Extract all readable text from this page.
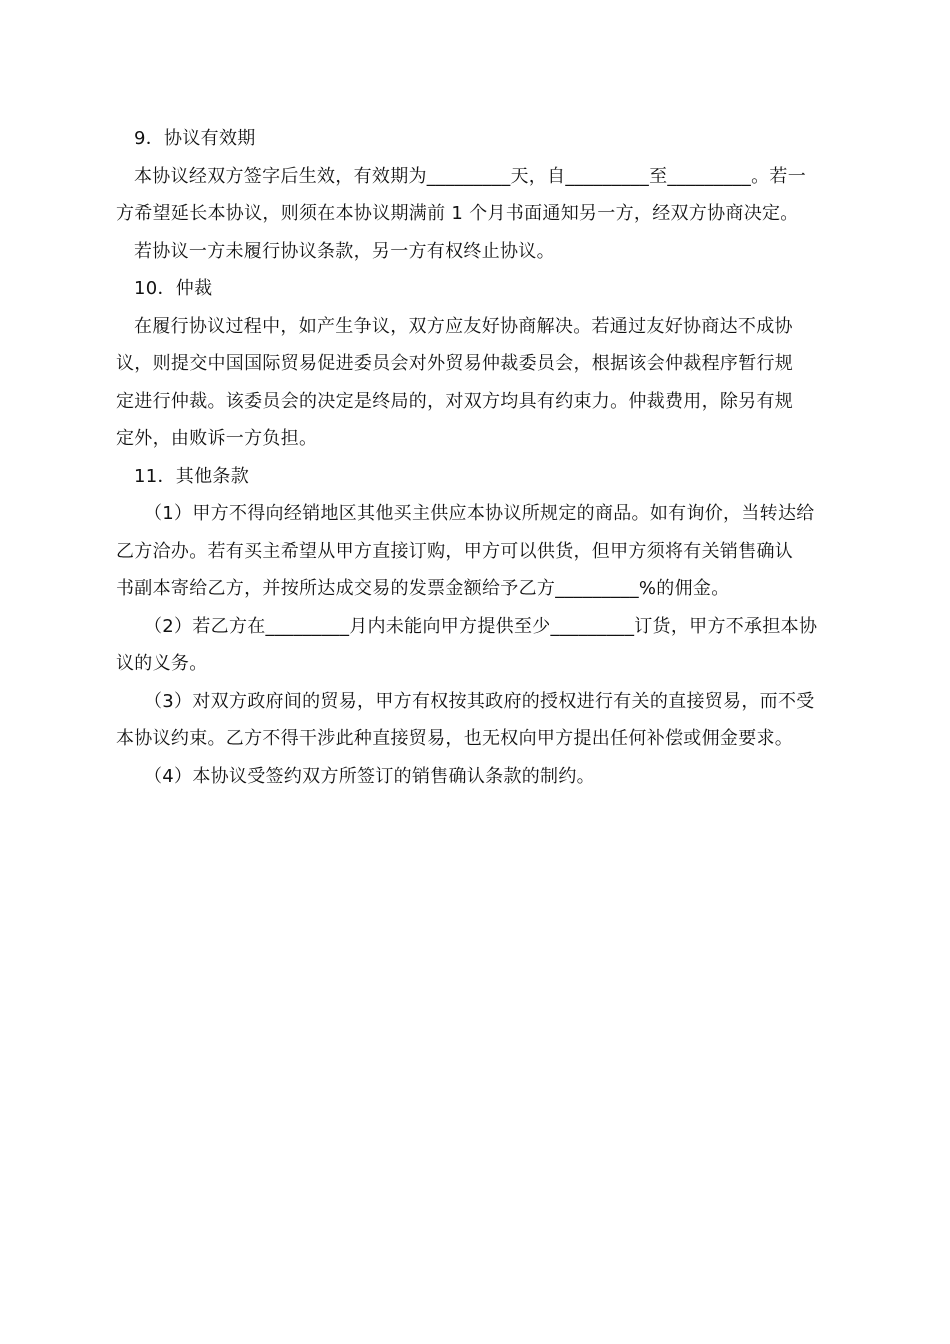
9．协议有效期
本协议经双方签字后生效，有效期为_________天，自_________至_________。若一
方希望延长本协议，则须在本协议期满前 1 个月书面通知另一方，经双方协商决定。
若协议一方未履行协议条款，另一方有权终止协议。
10．仲裁
在履行协议过程中，如产生争议，双方应友好协商解决。若通过友好协商达不成协
议，则提交中国国际贸易促进委员会对外贸易仲裁委员会，根据该会仲裁程序暂行规
定进行仲裁。该委员会的决定是终局的，对双方均具有约束力。仲裁费用，除另有规
定外，由败诉一方负担。
11．其他条款
（1）甲方不得向经销地区其他买主供应本协议所规定的商品。如有询价，当转达给
乙方洽办。若有买主希望从甲方直接订购，甲方可以供货，但甲方须将有关销售确认
书副本寄给乙方，并按所达成交易的发票金额给予乙方_________%的佣金。
（2）若乙方在_________月内未能向甲方提供至少_________订货，甲方不承担本协
议的义务。
（3）对双方政府间的贸易，甲方有权按其政府的授权进行有关的直接贸易，而不受
本协议约束。乙方不得干涉此种直接贸易，也无权向甲方提出任何补偿或佣金要求。
（4）本协议受签约双方所签订的销售确认条款的制约。
